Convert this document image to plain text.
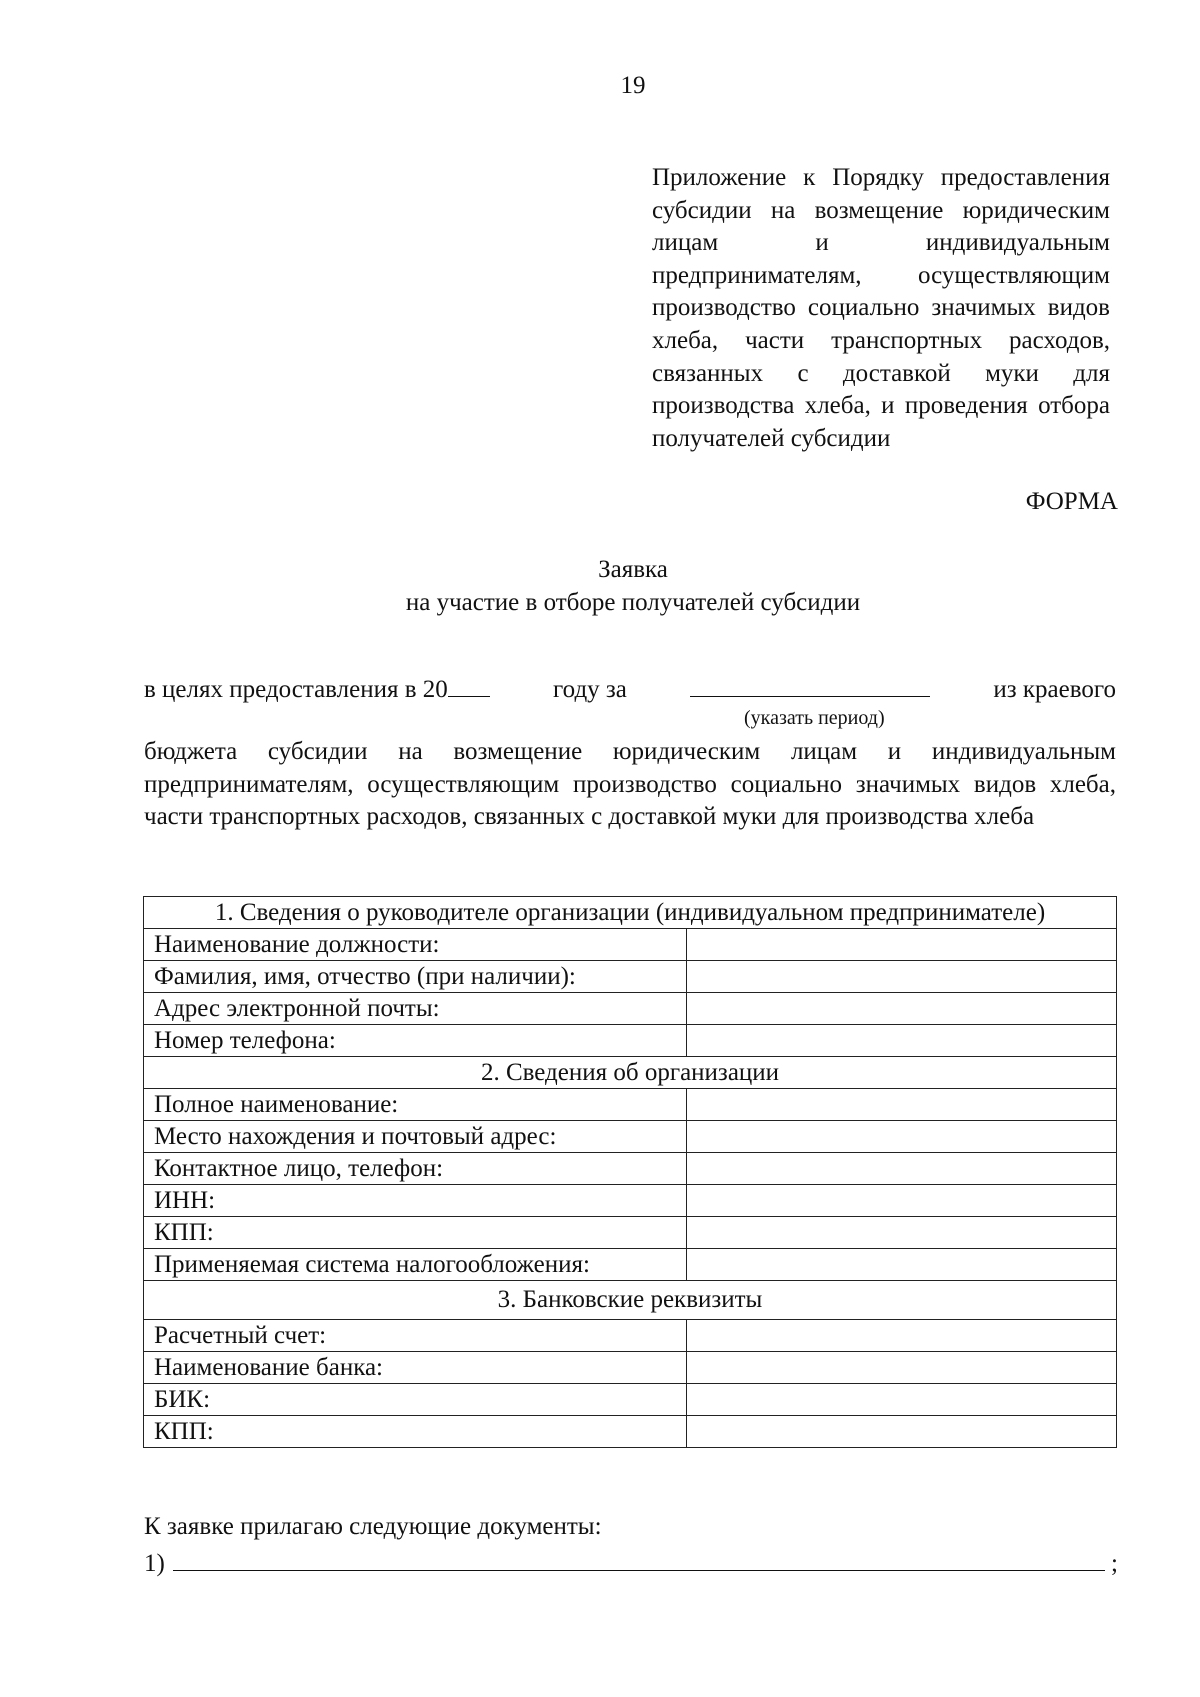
19
Приложение к Порядку предоставления субсидии на возмещение юридическим лицам и индивидуальным предпринимателям, осуществляющим производство социально значимых видов хлеба, части транспортных расходов, связанных с доставкой муки для производства хлеба, и проведения отбора получателей субсидии
ФОРМА
Заявка
на участие в отборе получателей субсидии
в целях предоставления в 20	году за	из краевого
(указать период)
бюджета субсидии на возмещение юридическим лицам и индивидуальным предпринимателям, осуществляющим производство социально значимых видов хлеба, части транспортных расходов, связанных с доставкой муки для производства хлеба
1. Сведения о руководителе организации (индивидуальном предпринимателе)	
Наименование должности:	
Фамилия, имя, отчество (при наличии):	
Адрес электронной почты:	
Номер телефона:	
2. Сведения об организации	
Полное наименование:	
Место нахождения и почтовый адрес:	
Контактное лицо, телефон:	
ИНН:	
КПП:	
Применяемая система налогообложения:	
3. Банковские реквизиты	
Расчетный счет:	
Наименование банка:	
БИК:	
КПП:	
К заявке прилагаю следующие документы:
1)	;
